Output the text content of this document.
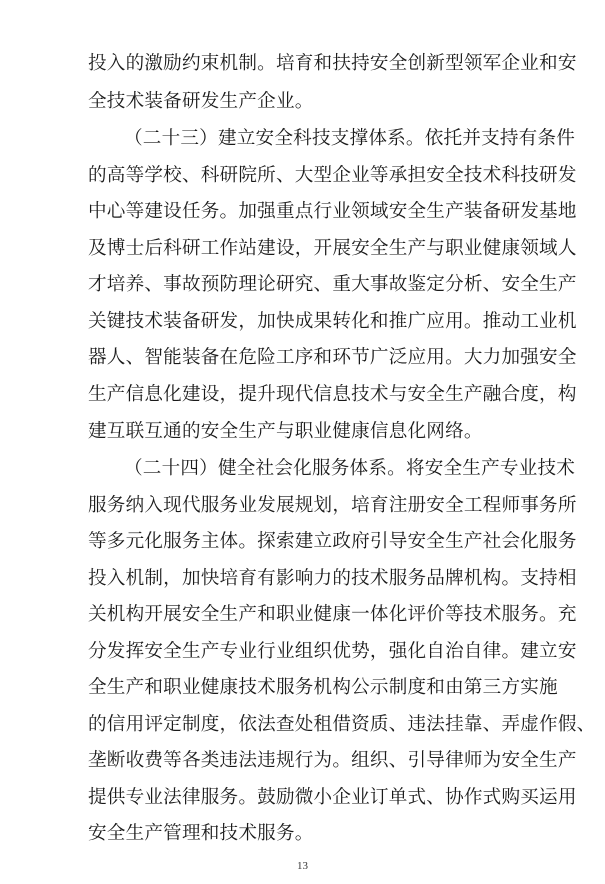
投入的激励约束机制。培育和扶持安全创新型领军企业和安
全技术装备研发生产企业。
（二十三）建立安全科技支撑体系。依托并支持有条件
的高等学校、科研院所、大型企业等承担安全技术科技研发
中心等建设任务。加强重点行业领域安全生产装备研发基地
及博士后科研工作站建设，开展安全生产与职业健康领域人
才培养、事故预防理论研究、重大事故鉴定分析、安全生产
关键技术装备研发，加快成果转化和推广应用。推动工业机
器人、智能装备在危险工序和环节广泛应用。大力加强安全
生产信息化建设，提升现代信息技术与安全生产融合度，构
建互联互通的安全生产与职业健康信息化网络。
（二十四）健全社会化服务体系。将安全生产专业技术
服务纳入现代服务业发展规划，培育注册安全工程师事务所
等多元化服务主体。探索建立政府引导安全生产社会化服务
投入机制，加快培育有影响力的技术服务品牌机构。支持相
关机构开展安全生产和职业健康一体化评价等技术服务。充
分发挥安全生产专业行业组织优势，强化自治自律。建立安
全生产和职业健康技术服务机构公示制度和由第三方实施
的信用评定制度，依法查处租借资质、违法挂靠、弄虚作假、
垄断收费等各类违法违规行为。组织、引导律师为安全生产
提供专业法律服务。鼓励微小企业订单式、协作式购买运用
安全生产管理和技术服务。
13
